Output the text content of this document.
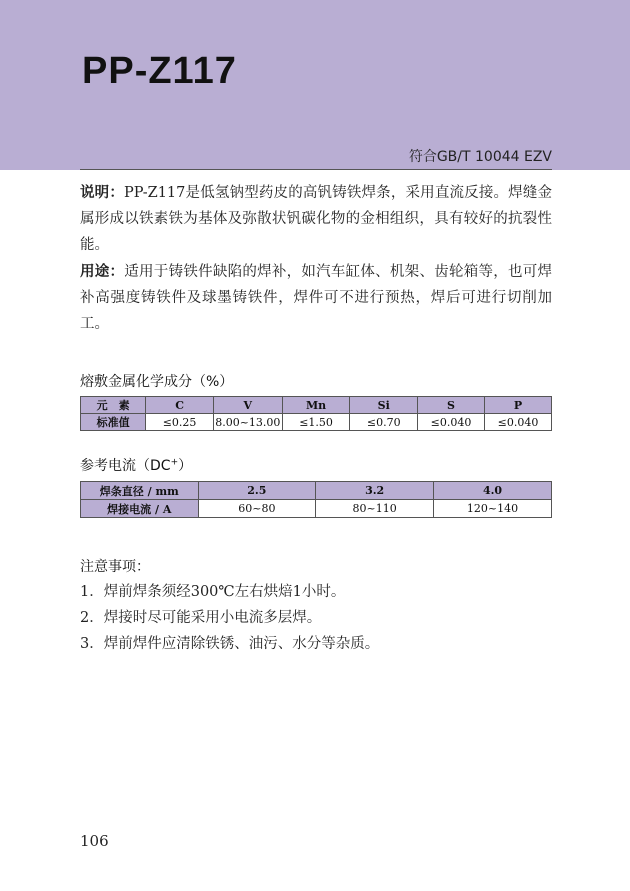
PP-Z117
符合GB/T 10044 EZV
说明：PP-Z117是低氢钠型药皮的高钒铸铁焊条，采用直流反接。焊缝金属形成以铁素铁为基体及弥散状钒碳化物的金相组织，具有较好的抗裂性能。
用途：适用于铸铁件缺陷的焊补，如汽车缸体、机架、齿轮箱等，也可焊补高强度铸铁件及球墨铸铁件，焊件可不进行预热，焊后可进行切削加工。
熔敷金属化学成分（%）
元　素	C	V	Mn	Si	S	P
标准值	≤0.25	8.00~13.00	≤1.50	≤0.70	≤0.040	≤0.040
参考电流（DC+）
焊条直径 / mm	2.5	3.2	4.0
焊接电流 / A	60~80	80~110	120~140
注意事项：
1．焊前焊条须经300℃左右烘焙1小时。
2．焊接时尽可能采用小电流多层焊。
3．焊前焊件应清除铁锈、油污、水分等杂质。
106
